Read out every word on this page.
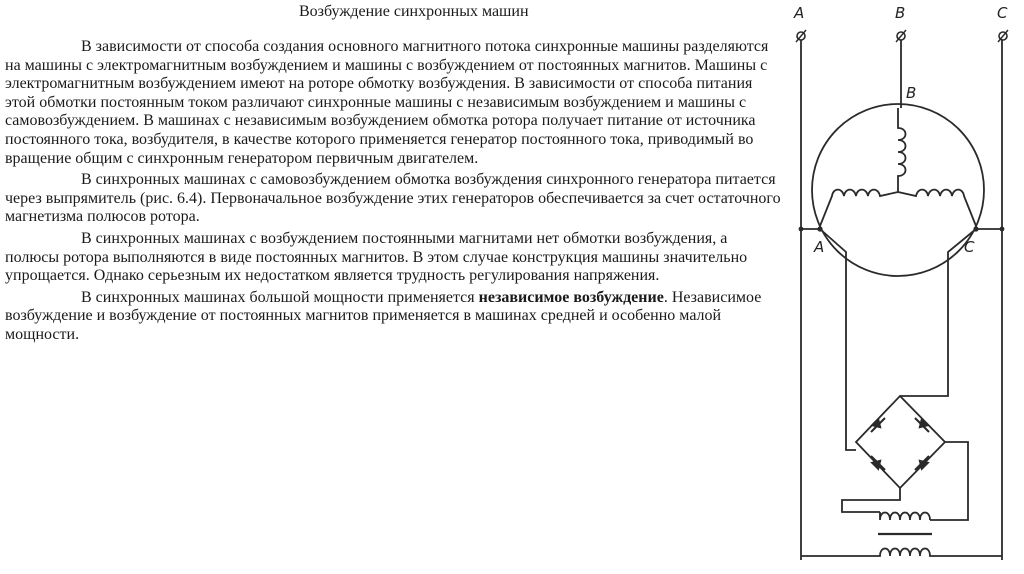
Возбуждение синхронных машин

В зависимости от способа создания основного магнитного потока синхронные машины разделяются на машины с электромагнитным возбуждением и машины с возбуждением от постоянных магнитов. Машины с электромагнитным возбуждением имеют на роторе обмотку возбуждения. В зависимости от способа питания этой обмотки постоянным током различают синхронные машины с независимым возбуждением и машины с самовозбуждением. В машинах с независимым возбуждением обмотка ротора получает питание от источника постоянного тока, возбудителя, в качестве которого применяется генератор постоянного тока, приводимый во вращение общим с синхронным генератором первичным двигателем.

В синхронных машинах с самовозбуждением обмотка возбуждения синхронного генератора питается через выпрямитель (рис. 6.4). Первоначальное возбуждение этих генераторов обеспечивается за счет остаточного магнетизма полюсов ротора.

В синхронных машинах с возбуждением постоянными магнитами нет обмотки возбуждения, а полюсы ротора выполняются в виде постоянных магнитов. В этом случае конструкция машины значительно упрощается. Однако серьезным их недостатком является трудность регулирования напряжения.

В синхронных машинах большой мощности применяется независимое возбуждение. Независимое возбуждение и возбуждение от постоянных магнитов применяется в машинах средней и особенно малой мощности.

A	B	C
B
A	C
